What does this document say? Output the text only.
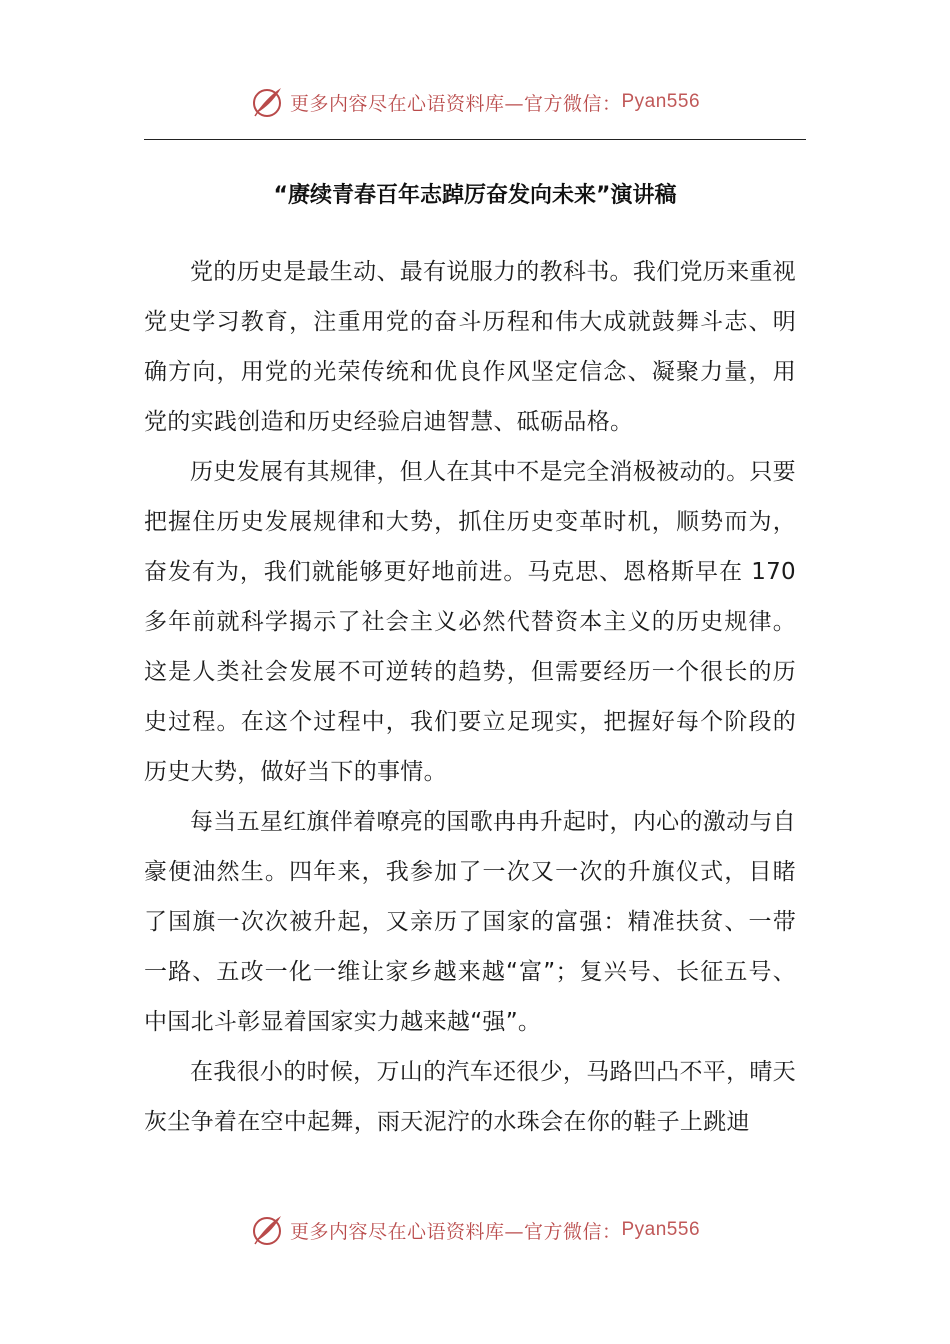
更多内容尽在心语资料库—官方微信： Pyan556
“赓续青春百年志踔厉奋发向未来”演讲稿

党的历史是最生动、最有说服力的教科书。我们党历来重视党史学习教育，注重用党的奋斗历程和伟大成就鼓舞斗志、明确方向，用党的光荣传统和优良作风坚定信念、凝聚力量，用党的实践创造和历史经验启迪智慧、砥砺品格。

历史发展有其规律，但人在其中不是完全消极被动的。只要把握住历史发展规律和大势，抓住历史变革时机，顺势而为，奋发有为，我们就能够更好地前进。马克思、恩格斯早在 170 多年前就科学揭示了社会主义必然代替资本主义的历史规律。这是人类社会发展不可逆转的趋势，但需要经历一个很长的历史过程。在这个过程中，我们要立足现实，把握好每个阶段的历史大势，做好当下的事情。

每当五星红旗伴着嘹亮的国歌冉冉升起时，内心的激动与自豪便油然生。四年来，我参加了一次又一次的升旗仪式，目睹了国旗一次次被升起，又亲历了国家的富强：精准扶贫、一带一路、五改一化一维让家乡越来越“富”；复兴号、长征五号、中国北斗彰显着国家实力越来越“强”。

在我很小的时候，万山的汽车还很少，马路凹凸不平，晴天灰尘争着在空中起舞，雨天泥泞的水珠会在你的鞋子上跳迪

更多内容尽在心语资料库—官方微信： Pyan556
